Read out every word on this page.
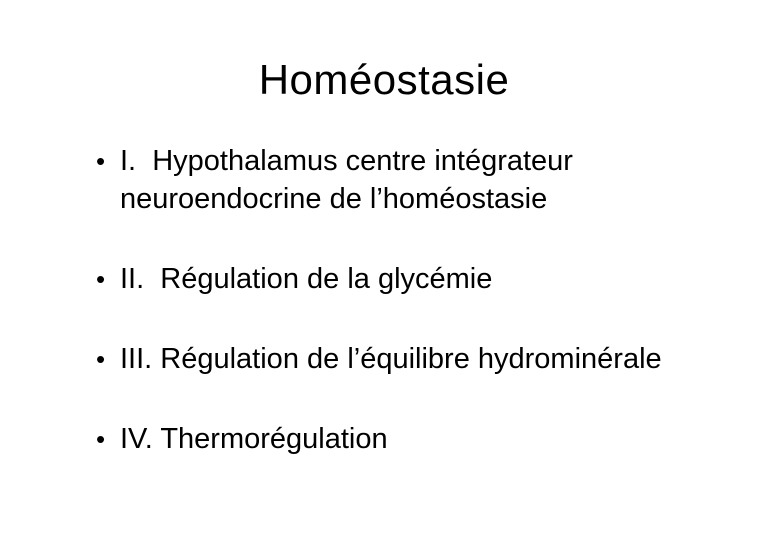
Homéostasie
• I.  Hypothalamus centre intégrateur neuroendocrine de l’homéostasie
• II.  Régulation de la glycémie
• III. Régulation de l’équilibre hydrominérale
• IV. Thermorégulation
